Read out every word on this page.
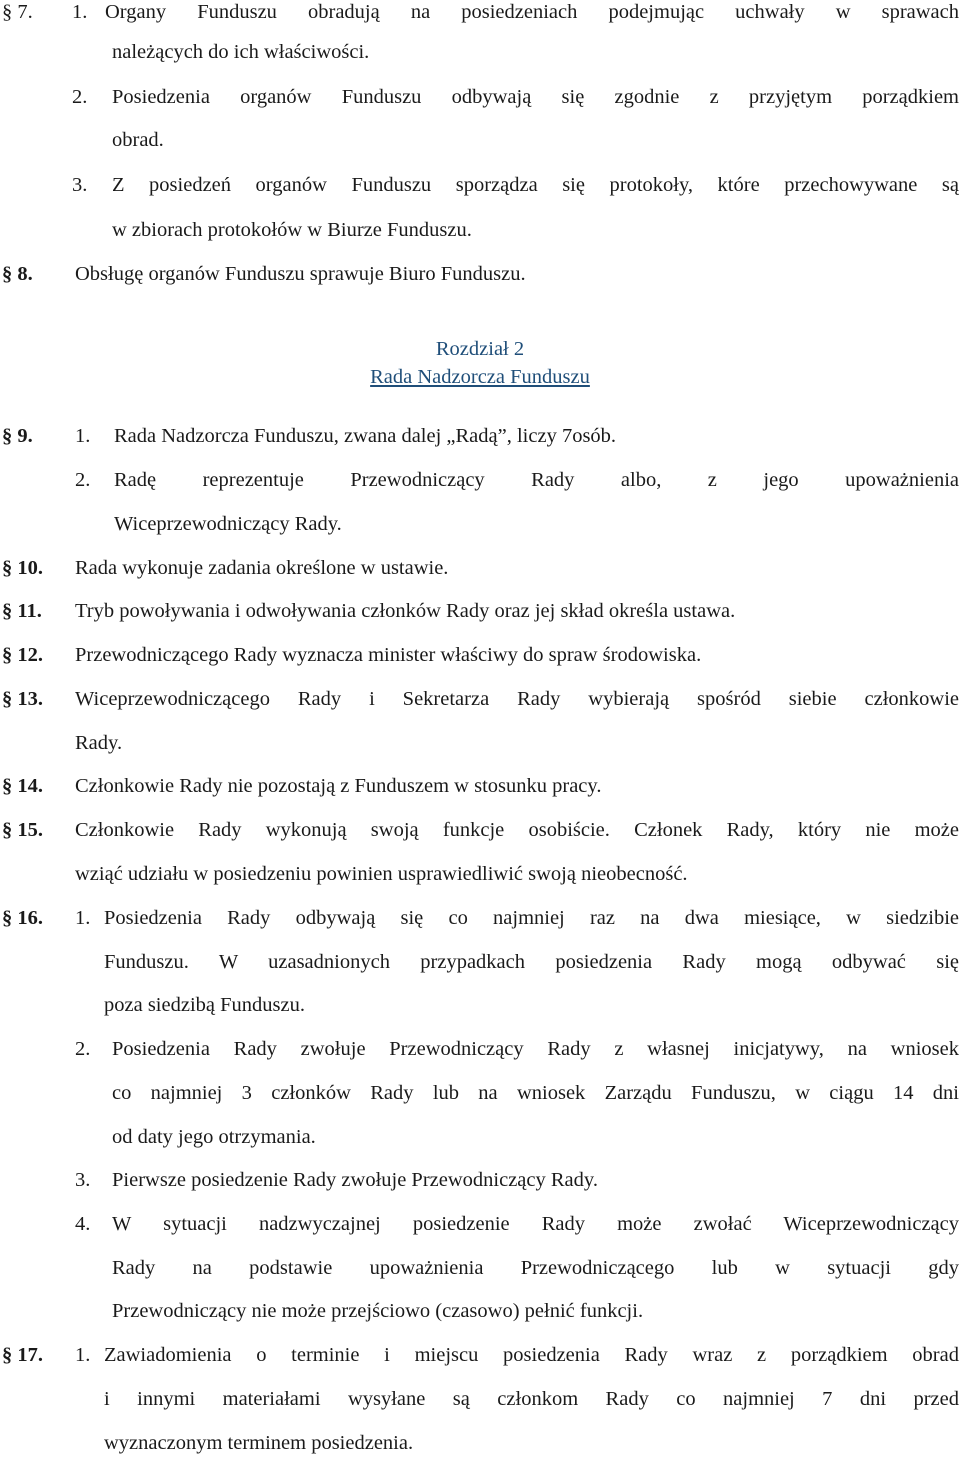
§ 7. 1. Organy Funduszu obradują na posiedzeniach podejmując uchwały w sprawach
należących do ich właściwości.
2. Posiedzenia organów Funduszu odbywają się zgodnie z przyjętym porządkiem
obrad.
3. Z posiedzeń organów Funduszu sporządza się protokoły, które przechowywane są
w zbiorach protokołów w Biurze Funduszu.
§ 8. Obsługę organów Funduszu sprawuje Biuro Funduszu.
Rozdział 2
Rada Nadzorcza Funduszu
§ 9. 1. Rada Nadzorcza Funduszu, zwana dalej „Radą”, liczy 7osób.
2. Radę reprezentuje Przewodniczący Rady albo, z jego upoważnienia
Wiceprzewodniczący Rady.
§ 10. Rada wykonuje zadania określone w ustawie.
§ 11. Tryb powoływania i odwoływania członków Rady oraz jej skład określa ustawa.
§ 12. Przewodniczącego Rady wyznacza minister właściwy do spraw środowiska.
§ 13. Wiceprzewodniczącego Rady i Sekretarza Rady wybierają spośród siebie członkowie
Rady.
§ 14. Członkowie Rady nie pozostają z Funduszem w stosunku pracy.
§ 15. Członkowie Rady wykonują swoją funkcje osobiście. Członek Rady, który nie może
wziąć udziału w posiedzeniu powinien usprawiedliwić swoją nieobecność.
§ 16. 1. Posiedzenia Rady odbywają się co najmniej raz na dwa miesiące, w siedzibie
Funduszu. W uzasadnionych przypadkach posiedzenia Rady mogą odbywać się
poza siedzibą Funduszu.
2. Posiedzenia Rady zwołuje Przewodniczący Rady z własnej inicjatywy, na wniosek
co najmniej 3 członków Rady lub na wniosek Zarządu Funduszu, w ciągu 14 dni
od daty jego otrzymania.
3. Pierwsze posiedzenie Rady zwołuje Przewodniczący Rady.
4. W sytuacji nadzwyczajnej posiedzenie Rady może zwołać Wiceprzewodniczący
Rady na podstawie upoważnienia Przewodniczącego lub w sytuacji gdy
Przewodniczący nie może przejściowo (czasowo) pełnić funkcji.
§ 17. 1. Zawiadomienia o terminie i miejscu posiedzenia Rady wraz z porządkiem obrad
i innymi materiałami wysyłane są członkom Rady co najmniej 7 dni przed
wyznaczonym terminem posiedzenia.
